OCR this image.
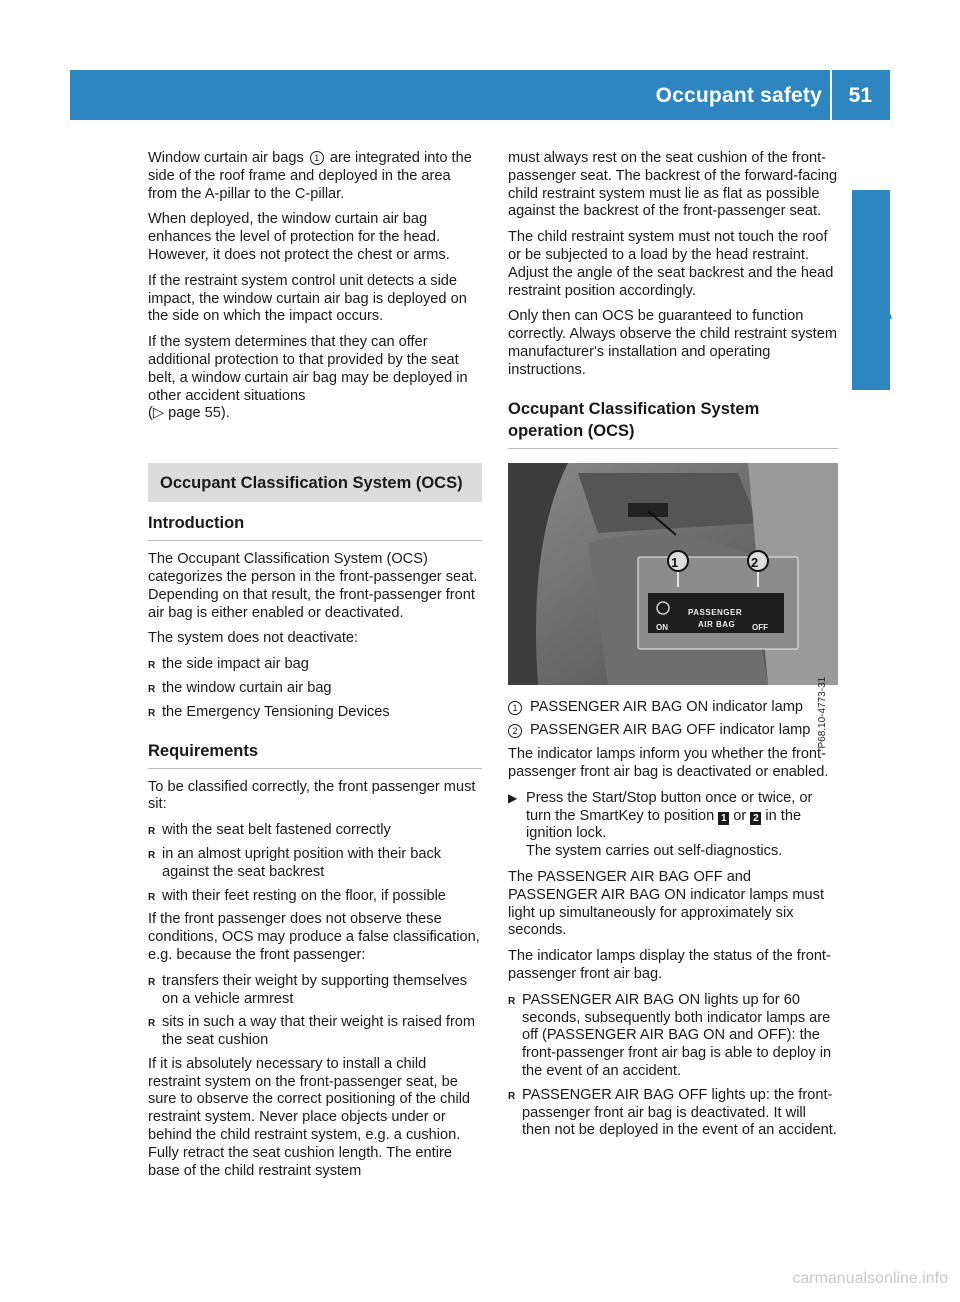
Occupant safety 51
Safety

Window curtain air bags 1 are integrated into the side of the roof frame and deployed in the area from the A-pillar to the C-pillar.

When deployed, the window curtain air bag enhances the level of protection for the head. However, it does not protect the chest or arms.

If the restraint system control unit detects a side impact, the window curtain air bag is deployed on the side on which the impact occurs.

If the system determines that they can offer additional protection to that provided by the seat belt, a window curtain air bag may be deployed in other accident situations
(▷ page 55).

Occupant Classification System (OCS)
Introduction

The Occupant Classification System (OCS) categorizes the person in the front-passenger seat. Depending on that result, the front-passenger front air bag is either enabled or deactivated.

The system does not deactivate:

R the side impact air bag
R the window curtain air bag
R the Emergency Tensioning Devices
Requirements

To be classified correctly, the front passenger must sit:

R with the seat belt fastened correctly
R in an almost upright position with their back against the seat backrest
R with their feet resting on the floor, if possible

If the front passenger does not observe these conditions, OCS may produce a false classification, e.g. because the front passenger:

R transfers their weight by supporting themselves on a vehicle armrest
R sits in such a way that their weight is raised from the seat cushion

If it is absolutely necessary to install a child restraint system on the front-passenger seat, be sure to observe the correct positioning of the child restraint system. Never place objects under or behind the child restraint system, e.g. a cushion. Fully retract the seat cushion length. The entire base of the child restraint system

must always rest on the seat cushion of the front-passenger seat. The backrest of the forward-facing child restraint system must lie as flat as possible against the backrest of the front-passenger seat.

The child restraint system must not touch the roof or be subjected to a load by the head restraint. Adjust the angle of the seat backrest and the head restraint position accordingly.

Only then can OCS be guaranteed to function correctly. Always observe the child restraint system manufacturer's installation and operating instructions.

Occupant Classification System operation (OCS)
1	2
ON
PASSENGER
AIR BAG OFF
P68.10-4773-31
1 PASSENGER AIR BAG ON indicator lamp
2 PASSENGER AIR BAG OFF indicator lamp

The indicator lamps inform you whether the front-passenger front air bag is deactivated or enabled.

▶ Press the Start/Stop button once or twice, or turn the SmartKey to position 1 or 2 in the ignition lock.
The system carries out self-diagnostics.

The PASSENGER AIR BAG OFF and PASSENGER AIR BAG ON indicator lamps must light up simultaneously for approximately six seconds.

The indicator lamps display the status of the front-passenger front air bag.

R PASSENGER AIR BAG ON lights up for 60 seconds, subsequently both indicator lamps are off (PASSENGER AIR BAG ON and OFF): the front-passenger front air bag is able to deploy in the event of an accident.
R PASSENGER AIR BAG OFF lights up: the front-passenger front air bag is deactivated. It will then not be deployed in the event of an accident.
carmanualsonline.info
